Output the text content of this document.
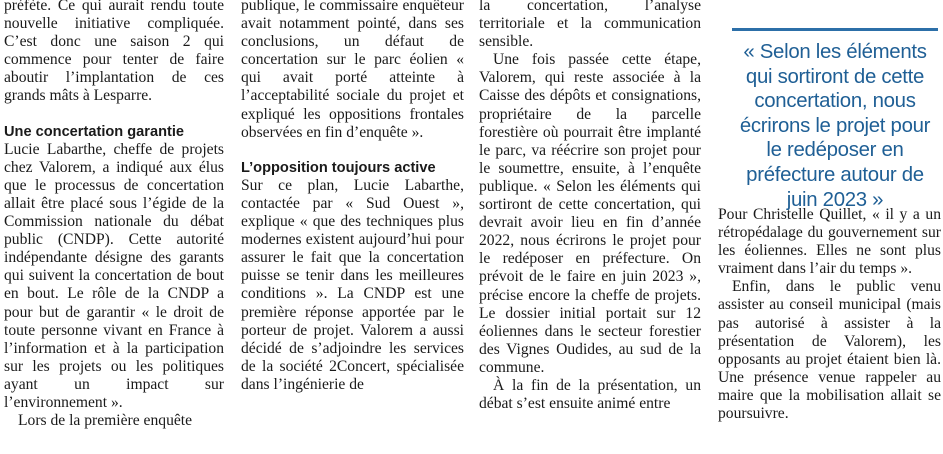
préfète. Ce qui aurait rendu toute nouvelle initiative compliquée. C’est donc une saison 2 qui commence pour tenter de faire aboutir l’implantation de ces grands mâts à Lesparre.

Une concertation garantie

Lucie Labarthe, cheffe de projets chez Valorem, a indiqué aux élus que le processus de concertation allait être placé sous l’égide de la Commission nationale du débat public (CNDP). Cette autorité indépendante désigne des garants qui suivent la concertation de bout en bout. Le rôle de la CNDP a pour but de garantir « le droit de toute personne vivant en France à l’information et à la participation sur les projets ou les politiques ayant un impact sur l’environnement ».

Lors de la première enquête

publique, le commissaire enquêteur avait notamment pointé, dans ses conclusions, un défaut de concertation sur le parc éolien « qui avait porté atteinte à l’acceptabilité sociale du projet et expliqué les oppositions frontales observées en fin d’enquête ».

L’opposition toujours active

Sur ce plan, Lucie Labarthe, contactée par « Sud Ouest », explique « que des techniques plus modernes existent aujourd’hui pour assurer le fait que la concertation puisse se tenir dans les meilleures conditions ». La CNDP est une première réponse apportée par le porteur de projet. Valorem a aussi décidé de s’adjoindre les services de la société 2Concert, spécialisée dans l’ingénierie de

la concertation, l’analyse territoriale et la communication sensible.

Une fois passée cette étape, Valorem, qui reste associée à la Caisse des dépôts et consignations, propriétaire de la parcelle forestière où pourrait être implanté le parc, va réécrire son projet pour le soumettre, ensuite, à l’enquête publique. « Selon les éléments qui sortiront de cette concertation, qui devrait avoir lieu en fin d’année 2022, nous écrirons le projet pour le redéposer en préfecture. On prévoit de le faire en juin 2023 », précise encore la cheffe de projets. Le dossier initial portait sur 12 éoliennes dans le secteur forestier des Vignes Oudides, au sud de la commune.

À la fin de la présentation, un débat s’est ensuite animé entre

« Selon les éléments qui sortiront de cette concertation, nous écrirons le projet pour le redéposer en préfecture autour de juin 2023 »

Pour Christelle Quillet, « il y a un rétropédalage du gouvernement sur les éoliennes. Elles ne sont plus vraiment dans l’air du temps ».

Enfin, dans le public venu assister au conseil municipal (mais pas autorisé à assister à la présentation de Valorem), les opposants au projet étaient bien là. Une présence venue rappeler au maire que la mobilisation allait se poursuivre.
